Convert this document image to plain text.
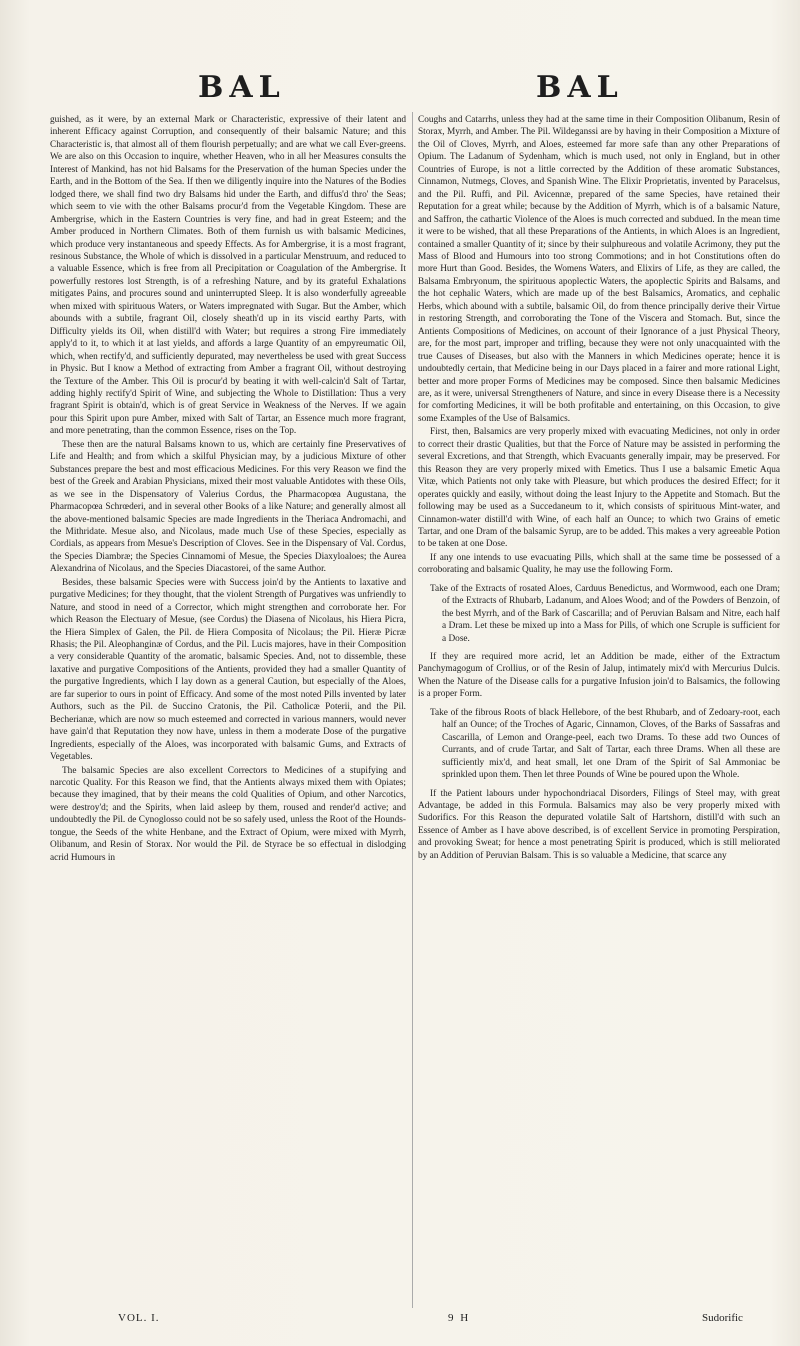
BAL	BAL

guished, as it were, by an external Mark or Characteristic, expressive of their latent and inherent Efficacy against Corruption, and consequently of their balsamic Nature; and this Characteristic is, that almost all of them flourish perpetually; and are what we call Ever-greens. We are also on this Occasion to inquire, whether Heaven, who in all her Measures consults the Interest of Mankind, has not hid Balsams for the Preservation of the human Species under the Earth, and in the Bottom of the Sea. If then we diligently inquire into the Natures of the Bodies lodged there, we shall find two dry Balsams hid under the Earth, and diffus'd thro' the Seas; which seem to vie with the other Balsams procur'd from the Vegetable Kingdom. These are Ambergrise, which in the Eastern Countries is very fine, and had in great Esteem; and the Amber produced in Northern Climates. Both of them furnish us with balsamic Medicines, which produce very instantaneous and speedy Effects. As for Ambergrise, it is a most fragrant, resinous Substance, the Whole of which is dissolved in a particular Menstruum, and reduced to a valuable Essence, which is free from all Precipitation or Coagulation of the Ambergrise. It powerfully restores lost Strength, is of a refreshing Nature, and by its grateful Exhalations mitigates Pains, and procures sound and uninterrupted Sleep. It is also wonderfully agreeable when mixed with spirituous Waters, or Waters impregnated with Sugar. But the Amber, which abounds with a subtile, fragrant Oil, closely sheath'd up in its viscid earthy Parts, with Difficulty yields its Oil, when distill'd with Water; but requires a strong Fire immediately apply'd to it, to which it at last yields, and affords a large Quantity of an empyreumatic Oil, which, when rectify'd, and sufficiently depurated, may nevertheless be used with great Success in Physic. But I know a Method of extracting from Amber a fragrant Oil, without destroying the Texture of the Amber. This Oil is procur'd by beating it with well-calcin'd Salt of Tartar, adding highly rectify'd Spirit of Wine, and subjecting the Whole to Distillation: Thus a very fragrant Spirit is obtain'd, which is of great Service in Weakness of the Nerves. If we again pour this Spirit upon pure Amber, mixed with Salt of Tartar, an Essence much more fragrant, and more penetrating, than the common Essence, rises on the Top.

These then are the natural Balsams known to us, which are certainly fine Preservatives of Life and Health; and from which a skilful Physician may, by a judicious Mixture of other Substances prepare the best and most efficacious Medicines. For this very Reason we find the best of the Greek and Arabian Physicians, mixed their most valuable Antidotes with these Oils, as we see in the Dispensatory of Valerius Cordus, the Pharmacopœa Augustana, the Pharmacopœa Schrœderi, and in several other Books of a like Nature; and generally almost all the above-mentioned balsamic Species are made Ingredients in the Theriaca Andromachi, and the Mithridate. Mesue also, and Nicolaus, made much Use of these Species, especially as Cordials, as appears from Mesue's Description of Cloves. See in the Dispensary of Val. Cordus, the Species Diambræ; the Species Cinnamomi of Mesue, the Species Diaxyloaloes; the Aurea Alexandrina of Nicolaus, and the Species Diacastorei, of the same Author.

Besides, these balsamic Species were with Success join'd by the Antients to laxative and purgative Medicines; for they thought, that the violent Strength of Purgatives was unfriendly to Nature, and stood in need of a Corrector, which might strengthen and corroborate her. For which Reason the Electuary of Mesue, (see Cordus) the Diasena of Nicolaus, his Hiera Picra, the Hiera Simplex of Galen, the Pil. de Hiera Composita of Nicolaus; the Pil. Hieræ Picræ Rhasis; the Pil. Aleophanginæ of Cordus, and the Pil. Lucis majores, have in their Composition a very considerable Quantity of the aromatic, balsamic Species. And, not to dissemble, these laxative and purgative Compositions of the Antients, provided they had a smaller Quantity of the purgative Ingredients, which I lay down as a general Caution, but especially of the Aloes, are far superior to ours in point of Efficacy. And some of the most noted Pills invented by later Authors, such as the Pil. de Succino Cratonis, the Pil. Catholicæ Poterii, and the Pil. Becherianæ, which are now so much esteemed and corrected in various manners, would never have gain'd that Reputation they now have, unless in them a moderate Dose of the purgative Ingredients, especially of the Aloes, was incorporated with balsamic Gums, and Extracts of Vegetables.

The balsamic Species are also excellent Correctors to Medicines of a stupifying and narcotic Quality. For this Reason we find, that the Antients always mixed them with Opiates; because they imagined, that by their means the cold Qualities of Opium, and other Narcotics, were destroy'd; and the Spirits, when laid asleep by them, roused and render'd active; and undoubtedly the Pil. de Cynoglosso could not be so safely used, unless the Root of the Hounds-tongue, the Seeds of the white Henbane, and the Extract of Opium, were mixed with Myrrh, Olibanum, and Resin of Storax. Nor would the Pil. de Styrace be so effectual in dislodging acrid Humours in

Coughs and Catarrhs, unless they had at the same time in their Composition Olibanum, Resin of Storax, Myrrh, and Amber. The Pil. Wildeganssi are by having in their Composition a Mixture of the Oil of Cloves, Myrrh, and Aloes, esteemed far more safe than any other Preparations of Opium. The Ladanum of Sydenham, which is much used, not only in England, but in other Countries of Europe, is not a little corrected by the Addition of these aromatic Substances, Cinnamon, Nutmegs, Cloves, and Spanish Wine. The Elixir Proprietatis, invented by Paracelsus, and the Pil. Ruffi, and Pil. Avicennæ, prepared of the same Species, have retained their Reputation for a great while; because by the Addition of Myrrh, which is of a balsamic Nature, and Saffron, the cathartic Violence of the Aloes is much corrected and subdued. In the mean time it were to be wished, that all these Preparations of the Antients, in which Aloes is an Ingredient, contained a smaller Quantity of it; since by their sulphureous and volatile Acrimony, they put the Mass of Blood and Humours into too strong Commotions; and in hot Constitutions often do more Hurt than Good. Besides, the Womens Waters, and Elixirs of Life, as they are called, the Balsama Embryonum, the spirituous apoplectic Waters, the apoplectic Spirits and Balsams, and the hot cephalic Waters, which are made up of the best Balsamics, Aromatics, and cephalic Herbs, which abound with a subtile, balsamic Oil, do from thence principally derive their Virtue in restoring Strength, and corroborating the Tone of the Viscera and Stomach. But, since the Antients Compositions of Medicines, on account of their Ignorance of a just Physical Theory, are, for the most part, improper and trifling, because they were not only unacquainted with the true Causes of Diseases, but also with the Manners in which Medicines operate; hence it is undoubtedly certain, that Medicine being in our Days placed in a fairer and more rational Light, better and more proper Forms of Medicines may be composed. Since then balsamic Medicines are, as it were, universal Strengtheners of Nature, and since in every Disease there is a Necessity for comforting Medicines, it will be both profitable and entertaining, on this Occasion, to give some Examples of the Use of Balsamics.

First, then, Balsamics are very properly mixed with evacuating Medicines, not only in order to correct their drastic Qualities, but that the Force of Nature may be assisted in performing the several Excretions, and that Strength, which Evacuants generally impair, may be preserved. For this Reason they are very properly mixed with Emetics. Thus I use a balsamic Emetic Aqua Vitæ, which Patients not only take with Pleasure, but which produces the desired Effect; for it operates quickly and easily, without doing the least Injury to the Appetite and Stomach. But the following may be used as a Succedaneum to it, which consists of spirituous Mint-water, and Cinnamon-water distill'd with Wine, of each half an Ounce; to which two Grains of emetic Tartar, and one Dram of the balsamic Syrup, are to be added. This makes a very agreeable Potion to be taken at one Dose.

If any one intends to use evacuating Pills, which shall at the same time be possessed of a corroborating and balsamic Quality, he may use the following Form.

Take of the Extracts of rosated Aloes, Carduus Benedictus, and Wormwood, each one Dram; of the Extracts of Rhubarb, Ladanum, and Aloes Wood; and of the Powders of Benzoin, of the best Myrrh, and of the Bark of Cascarilla; and of Peruvian Balsam and Nitre, each half a Dram. Let these be mixed up into a Mass for Pills, of which one Scruple is sufficient for a Dose.

If they are required more acrid, let an Addition be made, either of the Extractum Panchymagogum of Crollius, or of the Resin of Jalup, intimately mix'd with Mercurius Dulcis. When the Nature of the Disease calls for a purgative Infusion join'd to Balsamics, the following is a proper Form.

Take of the fibrous Roots of black Hellebore, of the best Rhubarb, and of Zedoary-root, each half an Ounce; of the Troches of Agaric, Cinnamon, Cloves, of the Barks of Sassafras and Cascarilla, of Lemon and Orange-peel, each two Drams. To these add two Ounces of Currants, and of crude Tartar, and Salt of Tartar, each three Drams. When all these are sufficiently mix'd, and heat small, let one Dram of the Spirit of Sal Ammoniac be sprinkled upon them. Then let three Pounds of Wine be poured upon the Whole.

If the Patient labours under hypochondriacal Disorders, Filings of Steel may, with great Advantage, be added in this Formula. Balsamics may also be very properly mixed with Sudorifics. For this Reason the depurated volatile Salt of Hartshorn, distill'd with such an Essence of Amber as I have above described, is of excellent Service in promoting Perspiration, and provoking Sweat; for hence a most penetrating Spirit is produced, which is still meliorated by an Addition of Peruvian Balsam. This is so valuable a Medicine, that scarce any

VOL. I.	9 H	Sudorific
